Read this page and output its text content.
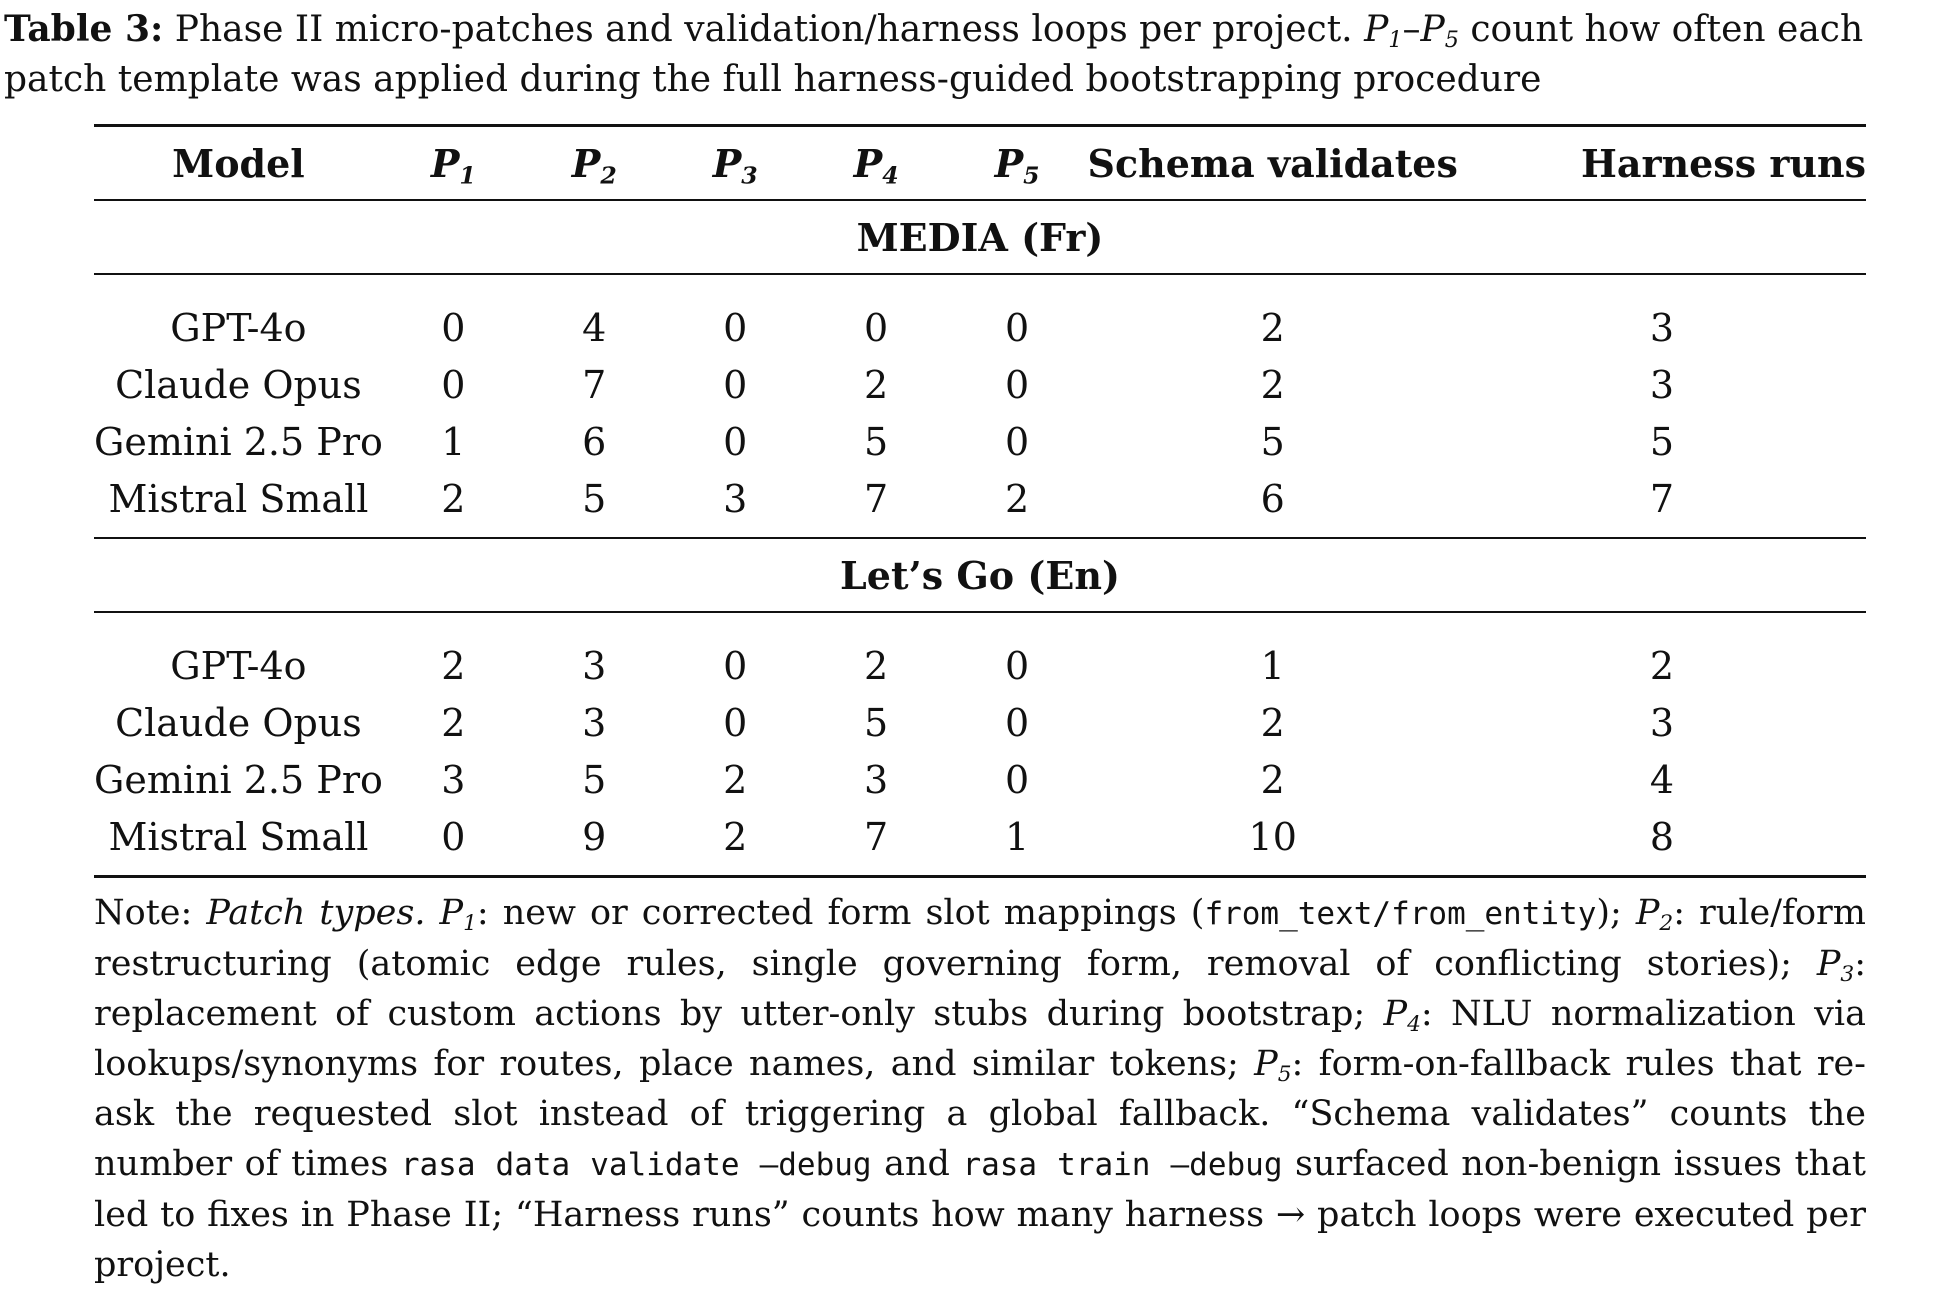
Table 3: Phase II micro-patches and validation/harness loops per project. $P_1-P_5$ count how often each patch template was applied during the full harness-guided bootstrapping procedure

Model	$P_1$	$P_2$	$P_3$	$P_4$	$P_5$	Schema validates	Harness runs
MEDIA (Fr)							
GPT-4o	0	4	0	0	0	2	3
Claude Opus	0	7	0	2	0	2	3
Gemini 2.5 Pro	1	6	0	5	0	5	5
Mistral Small	2	5	3	7	2	6	7
Let’s Go (En)							
GPT-4o	2	3	0	2	0	1	2
Claude Opus	2	3	0	5	0	2	3
Gemini 2.5 Pro	3	5	2	3	0	2	4
Mistral Small	0	9	2	7	1	10	8

Note: Patch types. $P_1$: new or corrected form slot mappings (from_text/from_entity); $P_2$: rule/form restructuring (atomic edge rules, single governing form, removal of conflicting stories); $P_3$: replacement of custom actions by utter-only stubs during bootstrap; $P_4$: NLU normalization via lookups/synonyms for routes, place names, and similar tokens; $P_5$: form-on-fallback rules that re-ask the requested slot instead of triggering a global fallback. “Schema validates” counts the number of times rasa data validate –debug and rasa train –debug surfaced non-benign issues that led to fixes in Phase II; “Harness runs” counts how many harness → patch loops were executed per project.
